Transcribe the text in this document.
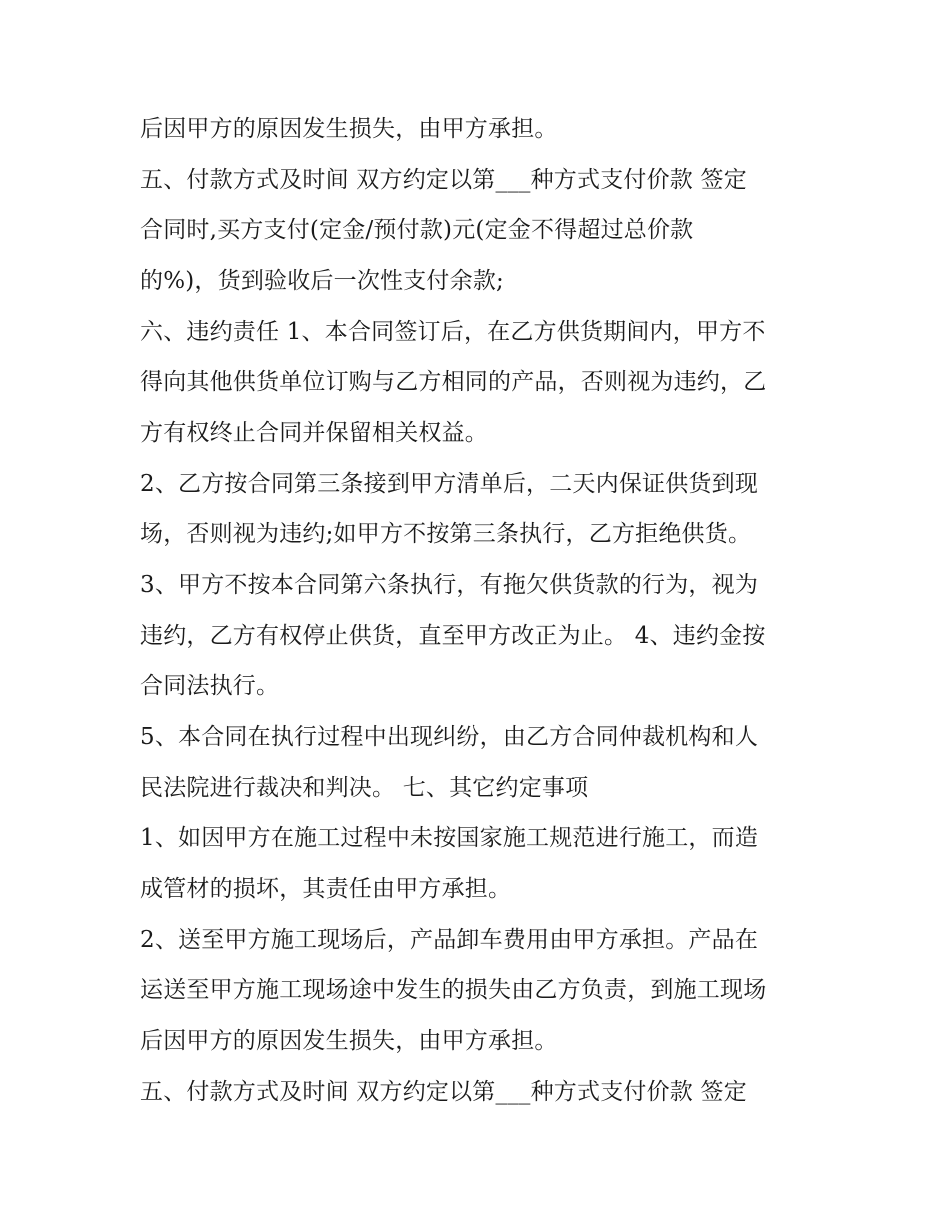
后因甲方的原因发生损失，由甲方承担。
五、付款方式及时间 双方约定以第___种方式支付价款 签定
合同时,买方支付(定金/预付款)元(定金不得超过总价款
的%)，货到验收后一次性支付余款;
六、违约责任 1、本合同签订后，在乙方供货期间内，甲方不
得向其他供货单位订购与乙方相同的产品，否则视为违约，乙
方有权终止合同并保留相关权益。
2、乙方按合同第三条接到甲方清单后，二天内保证供货到现
场，否则视为违约;如甲方不按第三条执行，乙方拒绝供货。
3、甲方不按本合同第六条执行，有拖欠供货款的行为，视为
违约，乙方有权停止供货，直至甲方改正为止。 4、违约金按
合同法执行。
5、本合同在执行过程中出现纠纷，由乙方合同仲裁机构和人
民法院进行裁决和判决。 七、其它约定事项
1、如因甲方在施工过程中未按国家施工规范进行施工，而造
成管材的损坏，其责任由甲方承担。
2、送至甲方施工现场后，产品卸车费用由甲方承担。产品在
运送至甲方施工现场途中发生的损失由乙方负责，到施工现场
后因甲方的原因发生损失，由甲方承担。
五、付款方式及时间 双方约定以第___种方式支付价款 签定
